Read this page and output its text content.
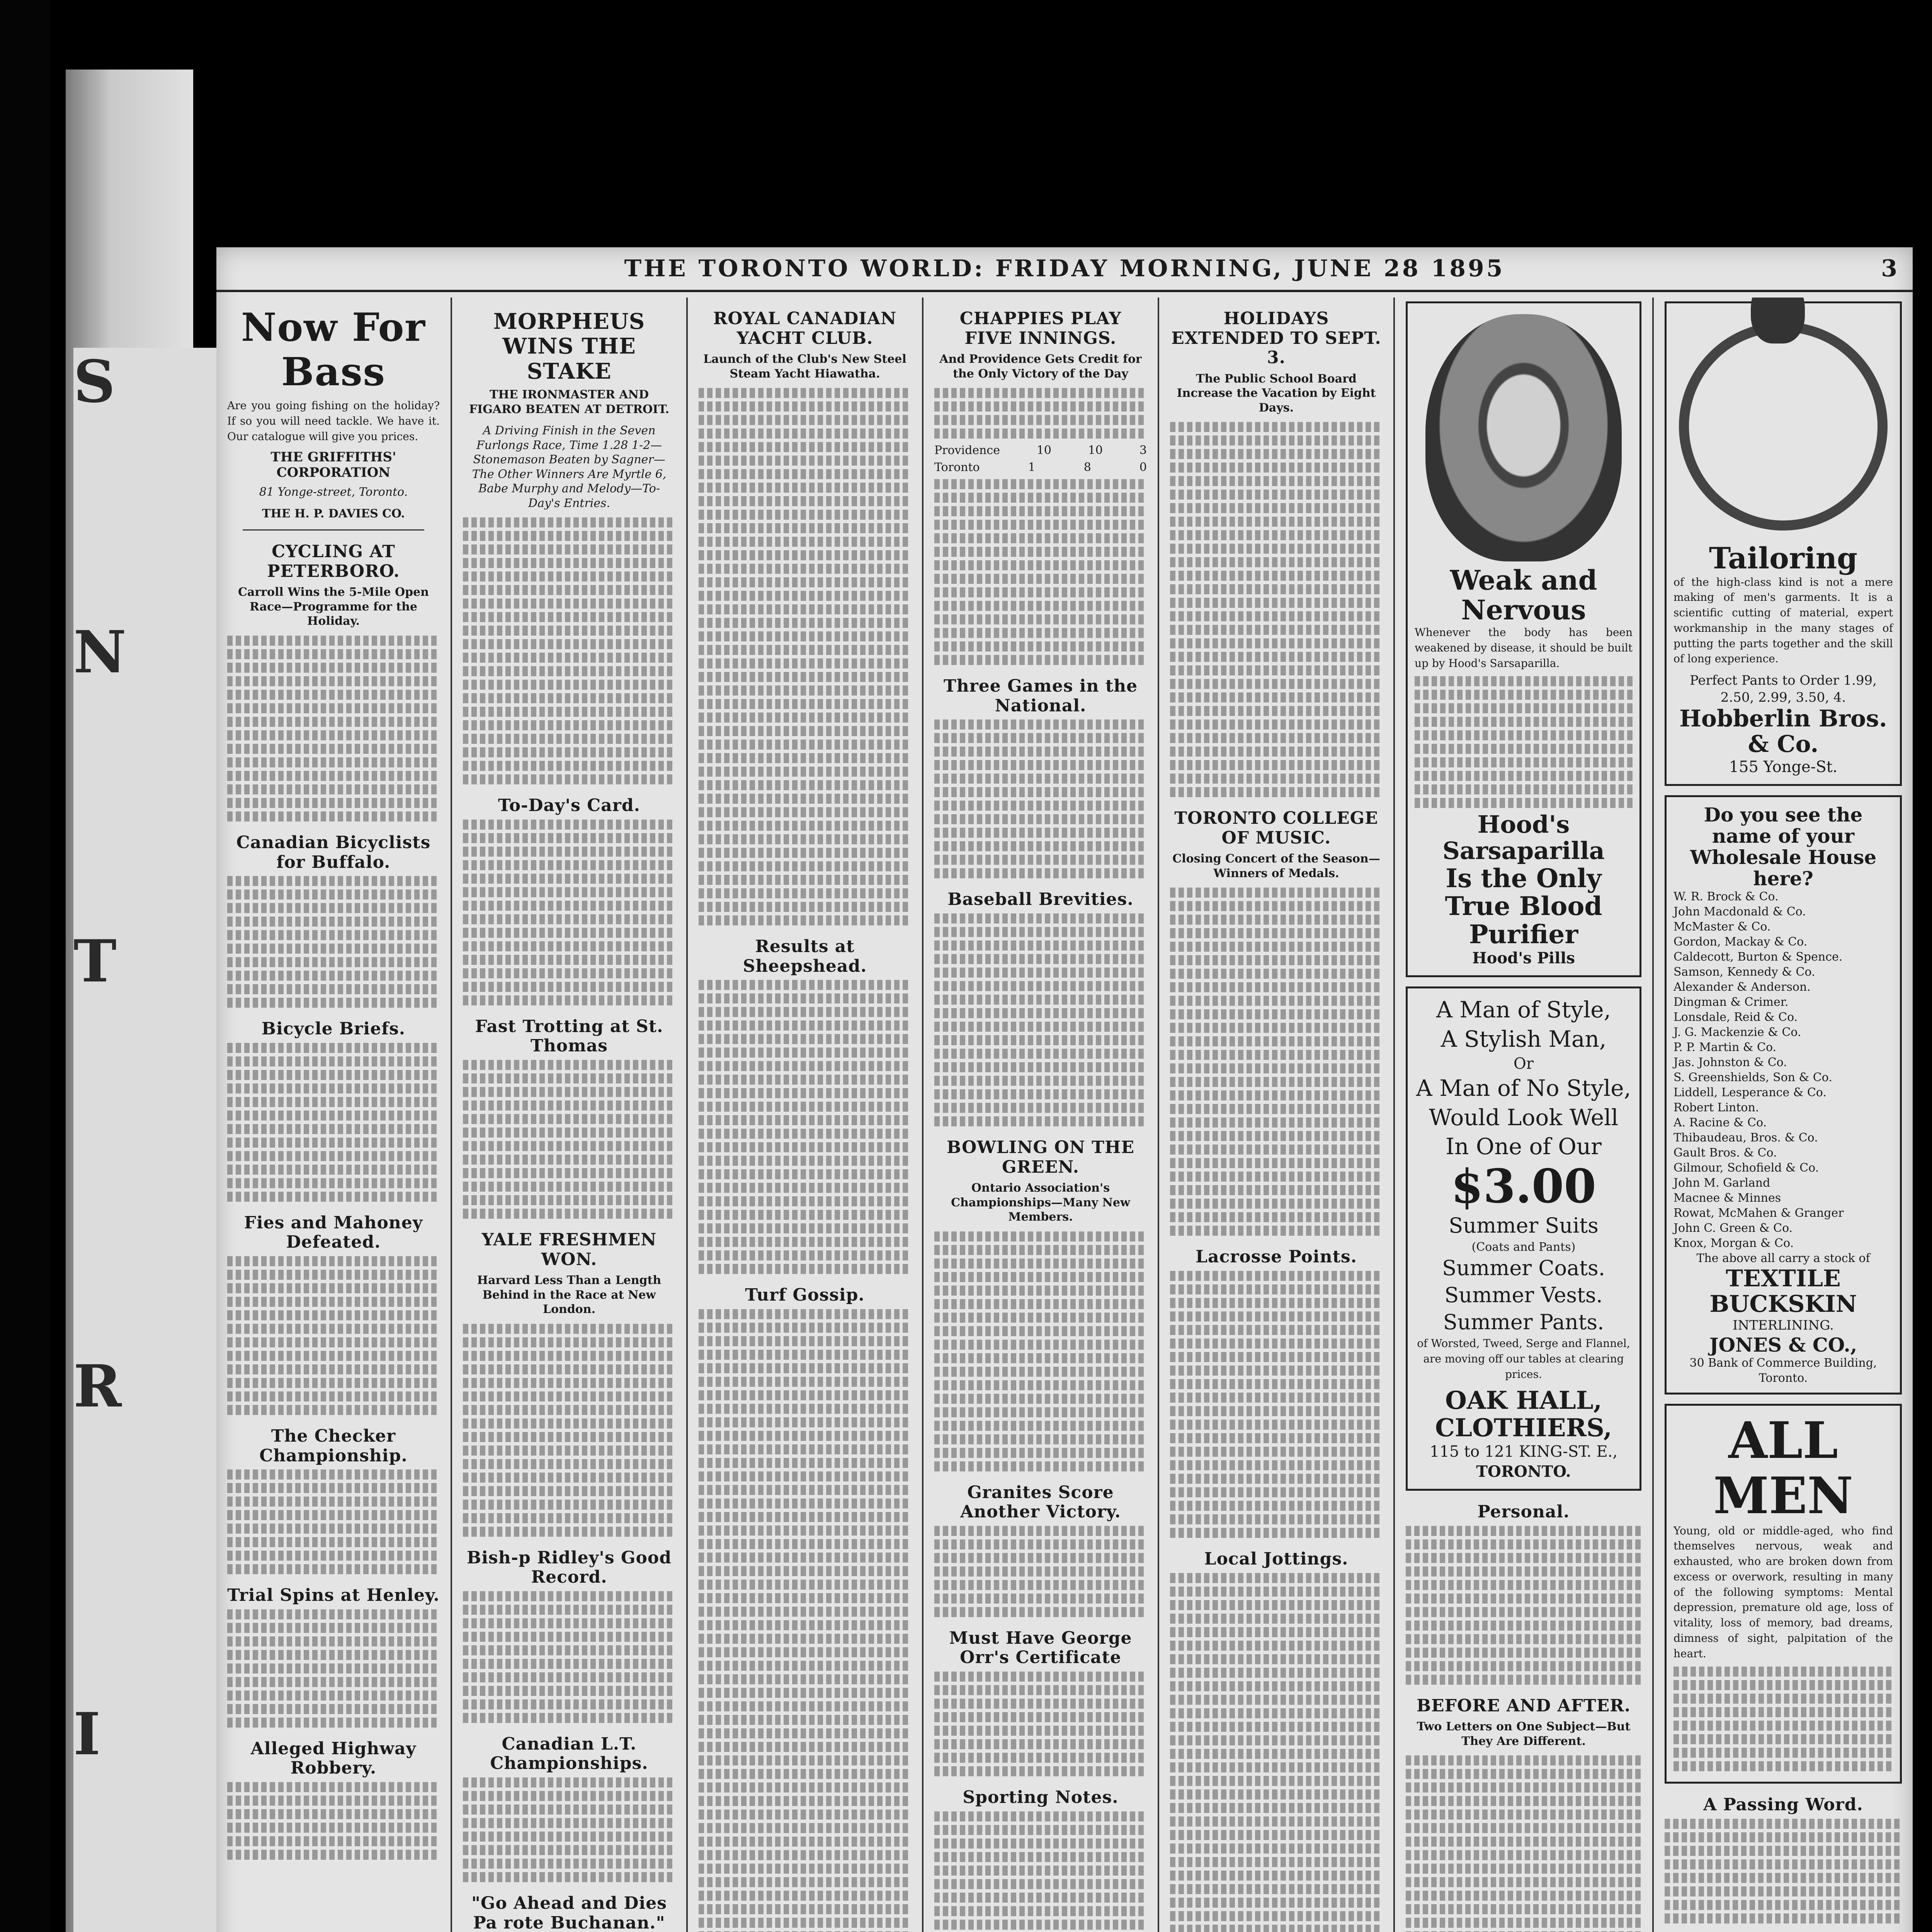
S
N
T
R
I
THE TORONTO WORLD: FRIDAY MORNING, JUNE 28 1895	3
Now For Bass

Are you going fishing on the holiday? If so you will need tackle. We have it. Our catalogue will give you prices.

THE GRIFFITHS' CORPORATION
81 Yonge-street, Toronto.
THE H. P. DAVIES CO.
CYCLING AT PETERBORO.
Carroll Wins the 5-Mile Open Race—Programme for the Holiday.
Canadian Bicyclists for Buffalo.
Bicycle Briefs.
Fies and Mahoney Defeated.
The Checker Championship.
Trial Spins at Henley.
Alleged Highway Robbery.
MORPHEUS WINS THE STAKE
THE IRONMASTER AND FIGARO BEATEN AT DETROIT.
A Driving Finish in the Seven Furlongs Race, Time 1.28 1-2—Stonemason Beaten by Sagner—The Other Winners Are Myrtle 6, Babe Murphy and Melody—To-Day's Entries.
To-Day's Card.
Fast Trotting at St. Thomas
YALE FRESHMEN WON.
Harvard Less Than a Length Behind in the Race at New London.
Bish-p Ridley's Good Record.
Canadian L.T. Championships.
"Go Ahead and Dies Pa rote Buchanan."
ROYAL CANADIAN YACHT CLUB.
Launch of the Club's New Steel Steam Yacht Hiawatha.
Results at Sheepshead.
Turf Gossip.
CHAPPIES PLAY FIVE INNINGS.
And Providence Gets Credit for the Only Victory of the Day
Providence	10	10	3
Toronto	1	8	0
Three Games in the National.
Baseball Brevities.
BOWLING ON THE GREEN.
Ontario Association's Championships—Many New Members.
Granites Score Another Victory.
Must Have George Orr's Certificate
Sporting Notes.
HOLIDAYS EXTENDED TO SEPT. 3.
The Public School Board Increase the Vacation by Eight Days.
TORONTO COLLEGE OF MUSIC.
Closing Concert of the Season—Winners of Medals.
Lacrosse Points.
Local Jottings.
Weak and Nervous

Whenever the body has been weakened by disease, it should be built up by Hood's Sarsaparilla.

Hood's Sarsaparilla
Is the Only True Blood Purifier
Hood's Pills
A Man of Style,
A Stylish Man,
Or
A Man of No Style,
Would Look Well
In One of Our
$3.00
Summer Suits
(Coats and Pants)
Summer Coats.
Summer Vests.
Summer Pants.

of Worsted, Tweed, Serge and Flannel, are moving off our tables at clearing prices.

OAK HALL, CLOTHIERS,
115 to 121 KING-ST. E.,
TORONTO.
Personal.
BEFORE AND AFTER.
Two Letters on One Subject—But They Are Different.
Tailoring

of the high-class kind is not a mere making of men's garments. It is a scientific cutting of material, expert workmanship in the many stages of putting the parts together and the skill of long experience.

Perfect Pants to Order 1.99, 2.50, 2.99, 3.50, 4.
Hobberlin Bros. & Co.
155 Yonge-St.
Do you see the name of your Wholesale House here?
W. R. Brock & Co.
John Macdonald & Co.
McMaster & Co.
Gordon, Mackay & Co.
Caldecott, Burton & Spence.
Samson, Kennedy & Co.
Alexander & Anderson.
Dingman & Crimer.
Lonsdale, Reid & Co.
J. G. Mackenzie & Co.
P. P. Martin & Co.
Jas. Johnston & Co.
S. Greenshields, Son & Co.
Liddell, Lesperance & Co.
Robert Linton.
A. Racine & Co.
Thibaudeau, Bros. & Co.
Gault Bros. & Co.
Gilmour, Schofield & Co.
John M. Garland
Macnee & Minnes
Rowat, McMahen & Granger
John C. Green & Co.
Knox, Morgan & Co.
The above all carry a stock of
TEXTILE BUCKSKIN
INTERLINING.
JONES & CO.,
30 Bank of Commerce Building, Toronto.
ALL MEN

Young, old or middle-aged, who find themselves nervous, weak and exhausted, who are broken down from excess or overwork, resulting in many of the following symptoms: Mental depression, premature old age, loss of vitality, loss of memory, bad dreams, dimness of sight, palpitation of the heart.

A Passing Word.
